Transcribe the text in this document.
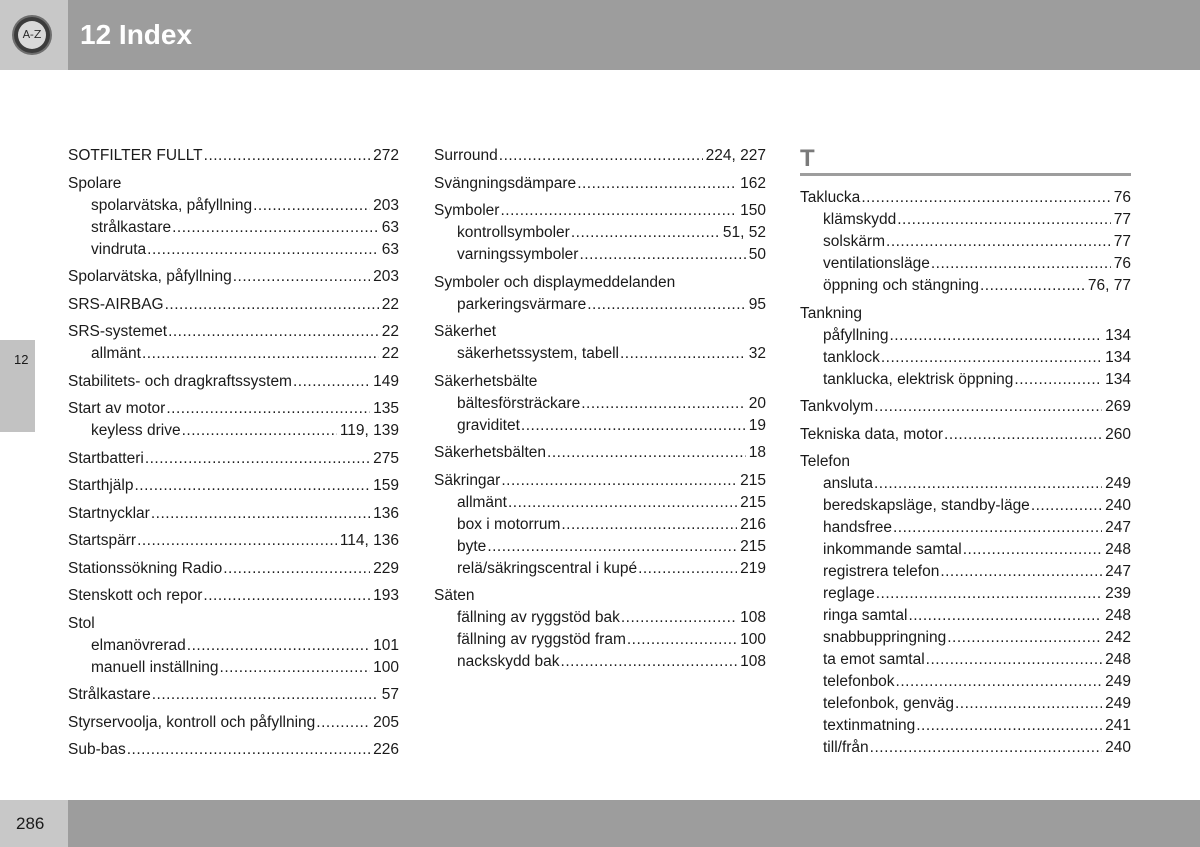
A-Z 12 Index
12
SOTFILTER FULLT .....	272
Spolare
spolarvätska, påfyllning .....	203
strålkastare .....	63
vindruta .....	63
Spolarvätska, påfyllning .....	203
SRS-AIRBAG .....	22
SRS-systemet .....	22
allmänt .....	22
Stabilitets- och dragkraftssystem .....	149
Start av motor .....	135
keyless drive .....	119, 139
Startbatteri .....	275
Starthjälp .....	159
Startnycklar .....	136
Startspärr .....	114, 136
Stationssökning Radio .....	229
Stenskott och repor .....	193
Stol
elmanövrerad .....	101
manuell inställning .....	100
Strålkastare .....	57
Styrservoolja, kontroll och påfyllning .....	205
Sub-bas .....	226
Surround .....	224, 227
Svängningsdämpare .....	162
Symboler .....	150
kontrollsymboler .....	51, 52
varningssymboler .....	50
Symboler och displaymeddelanden
parkeringsvärmare .....	95
Säkerhet
säkerhetssystem, tabell .....	32
Säkerhetsbälte
bältesförsträckare .....	20
graviditet .....	19
Säkerhetsbälten .....	18
Säkringar .....	215
allmänt .....	215
box i motorrum .....	216
byte .....	215
relä/säkringscentral i kupé .....	219
Säten
fällning av ryggstöd bak .....	108
fällning av ryggstöd fram .....	100
nackskydd bak .....	108
T
Taklucka .....	76
klämskydd .....	77
solskärm .....	77
ventilationsläge .....	76
öppning och stängning .....	76, 77
Tankning
påfyllning .....	134
tanklock .....	134
tanklucka, elektrisk öppning .....	134
Tankvolym .....	269
Tekniska data, motor .....	260
Telefon
ansluta .....	249
beredskapsläge, standby-läge .....	240
handsfree .....	247
inkommande samtal .....	248
registrera telefon .....	247
reglage .....	239
ringa samtal .....	248
snabbuppringning .....	242
ta emot samtal .....	248
telefonbok .....	249
telefonbok, genväg .....	249
textinmatning .....	241
till/från .....	240
286
